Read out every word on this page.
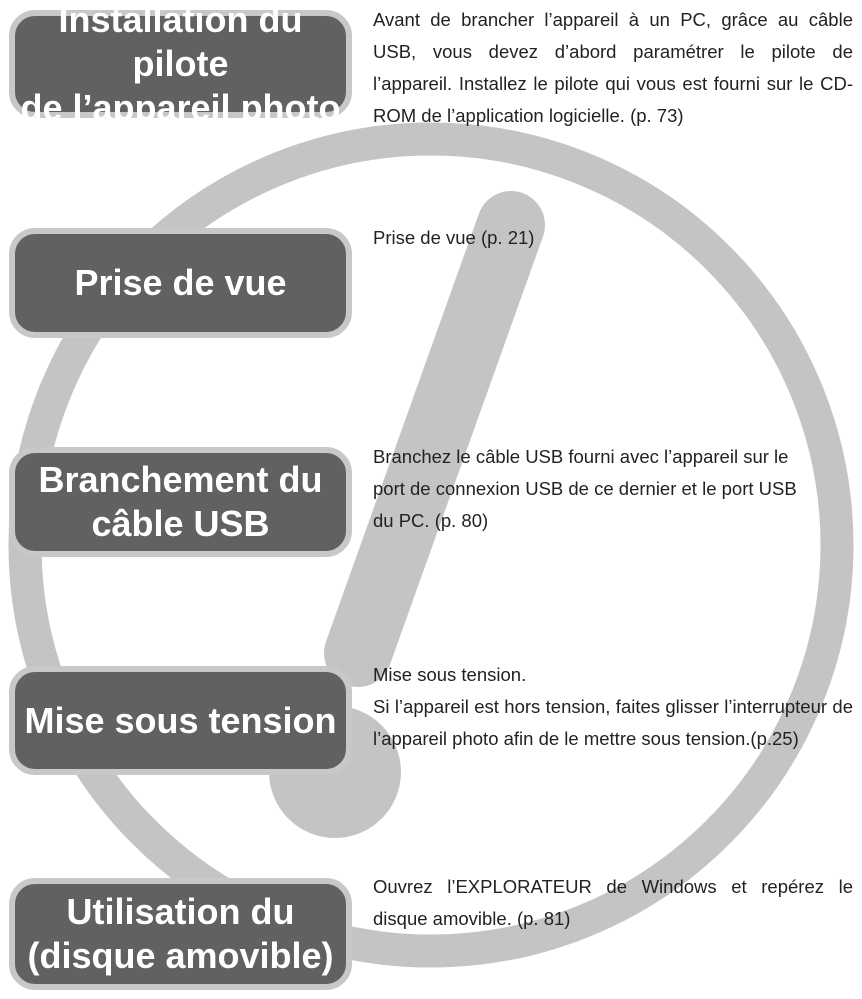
Installation du pilote
de l’appareil photo

Avant de brancher l’appareil à un PC, grâce au câble USB, vous devez d’abord paramétrer le pilote de l’appareil. Installez le pilote qui vous est fourni sur le CD-ROM de l’application logicielle. (p. 73)

Prise de vue

Prise de vue (p. 21)

Branchement du
câble USB

Branchez le câble USB fourni avec l’appareil sur le port de connexion USB de ce dernier et le port USB du PC. (p. 80)

Mise sous tension

Mise sous tension.
Si l’appareil est hors tension, faites glisser l’interrupteur de l’appareil photo afin de le mettre sous tension.(p.25)

Utilisation du
(disque amovible)

Ouvrez l’EXPLORATEUR de Windows et repérez le disque amovible. (p. 81)
